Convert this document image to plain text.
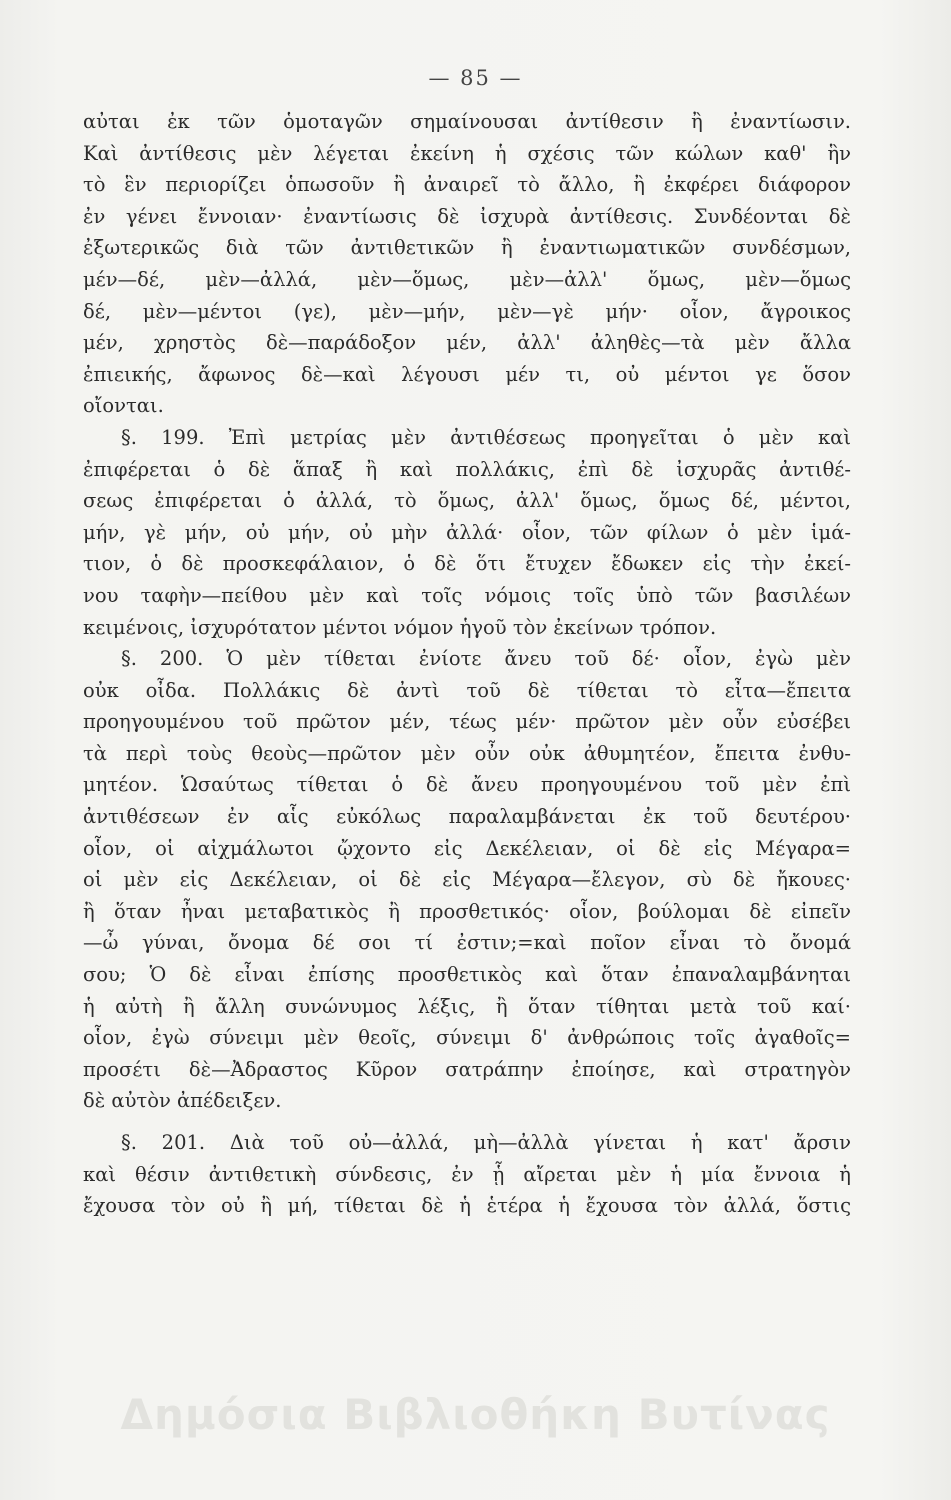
— 85 —
αὐται ἐκ τῶν ὁμοταγῶν σημαίνουσαι ἀντίθεσιν ἢ ἐναντίωσιν.
Καὶ ἀντίθεσις μὲν λέγεται ἐκείνη ἡ σχέσις τῶν κώλων καθ' ἣν
τὸ ἓν περιορίζει ὁπωσοῦν ἢ ἀναιρεῖ τὸ ἄλλο, ἢ ἐκφέρει διάφορον
ἐν γένει ἔννοιαν· ἐναντίωσις δὲ ἰσχυρὰ ἀντίθεσις. Συνδέονται δὲ
ἐξωτερικῶς διὰ τῶν ἀντιθετικῶν ἢ ἐναντιωματικῶν συνδέσμων,
μέν—δέ, μὲν—ἀλλά, μὲν—ὅμως, μὲν—ἀλλ' ὅμως, μὲν—ὅμως
δέ, μὲν—μέντοι (γε), μὲν—μήν, μὲν—γὲ μήν· οἷον, ἄγροικος
μέν, χρηστὸς δὲ—παράδοξον μέν, ἀλλ' ἀληθὲς—τὰ μὲν ἄλλα
ἐπιεικής, ἄφωνος δὲ—καὶ λέγουσι μέν τι, οὐ μέντοι γε ὅσον
οἴονται.
§. 199. Ἐπὶ μετρίας μὲν ἀντιθέσεως προηγεῖται ὁ μὲν καὶ
ἐπιφέρεται ὁ δὲ ἅπαξ ἢ καὶ πολλάκις, ἐπὶ δὲ ἰσχυρᾶς ἀντιθέ-
σεως ἐπιφέρεται ὁ ἀλλά, τὸ ὅμως, ἀλλ' ὅμως, ὅμως δέ, μέντοι,
μήν, γὲ μήν, οὐ μήν, οὐ μὴν ἀλλά· οἷον, τῶν φίλων ὁ μὲν ἱμά-
τιον, ὁ δὲ προσκεφάλαιον, ὁ δὲ ὅτι ἔτυχεν ἔδωκεν εἰς τὴν ἐκεί-
νου ταφὴν—πείθου μὲν καὶ τοῖς νόμοις τοῖς ὑπὸ τῶν βασιλέων
κειμένοις, ἰσχυρότατον μέντοι νόμον ἡγοῦ τὸν ἐκείνων τρόπον.
§. 200. Ὁ μὲν τίθεται ἐνίοτε ἄνευ τοῦ δέ· οἷον, ἐγὼ μὲν
οὐκ οἶδα. Πολλάκις δὲ ἀντὶ τοῦ δὲ τίθεται τὸ εἶτα—ἔπειτα
προηγουμένου τοῦ πρῶτον μέν, τέως μέν· πρῶτον μὲν οὖν εὐσέβει
τὰ περὶ τοὺς θεοὺς—πρῶτον μὲν οὖν οὐκ ἀθυμητέον, ἔπειτα ἐνθυ-
μητέον. Ὡσαύτως τίθεται ὁ δὲ ἄνευ προηγουμένου τοῦ μὲν ἐπὶ
ἀντιθέσεων ἐν αἷς εὐκόλως παραλαμβάνεται ἐκ τοῦ δευτέρου·
οἷον, οἱ αἰχμάλωτοι ᾤχοντο εἰς Δεκέλειαν, οἱ δὲ εἰς Μέγαρα=
οἱ μὲν εἰς Δεκέλειαν, οἱ δὲ εἰς Μέγαρα—ἔλεγον, σὺ δὲ ἤκουες·
ἢ ὅταν ἦναι μεταβατικὸς ἢ προσθετικός· οἷον, βούλομαι δὲ εἰπεῖν
—ὦ γύναι, ὄνομα δέ σοι τί ἐστιν;=καὶ ποῖον εἶναι τὸ ὄνομά
σου; Ὁ δὲ εἶναι ἐπίσης προσθετικὸς καὶ ὅταν ἐπαναλαμβάνηται
ἡ αὐτὴ ἢ ἄλλη συνώνυμος λέξις, ἢ ὅταν τίθηται μετὰ τοῦ καί·
οἷον, ἐγὼ σύνειμι μὲν θεοῖς, σύνειμι δ' ἀνθρώποις τοῖς ἀγαθοῖς=
προσέτι δὲ—Ἀδραστος Κῦρον σατράπην ἐποίησε, καὶ στρατηγὸν
δὲ αὐτὸν ἀπέδειξεν.
§. 201. Διὰ τοῦ οὐ—ἀλλά, μὴ—ἀλλὰ γίνεται ἡ κατ' ἄρσιν
καὶ θέσιν ἀντιθετικὴ σύνδεσις, ἐν ᾗ αἴρεται μὲν ἡ μία ἔννοια ἡ
ἔχουσα τὸν οὐ ἢ μή, τίθεται δὲ ἡ ἑτέρα ἡ ἔχουσα τὸν ἀλλά, ὅστις
Δημόσια Βιβλιοθήκη Βυτίνας
